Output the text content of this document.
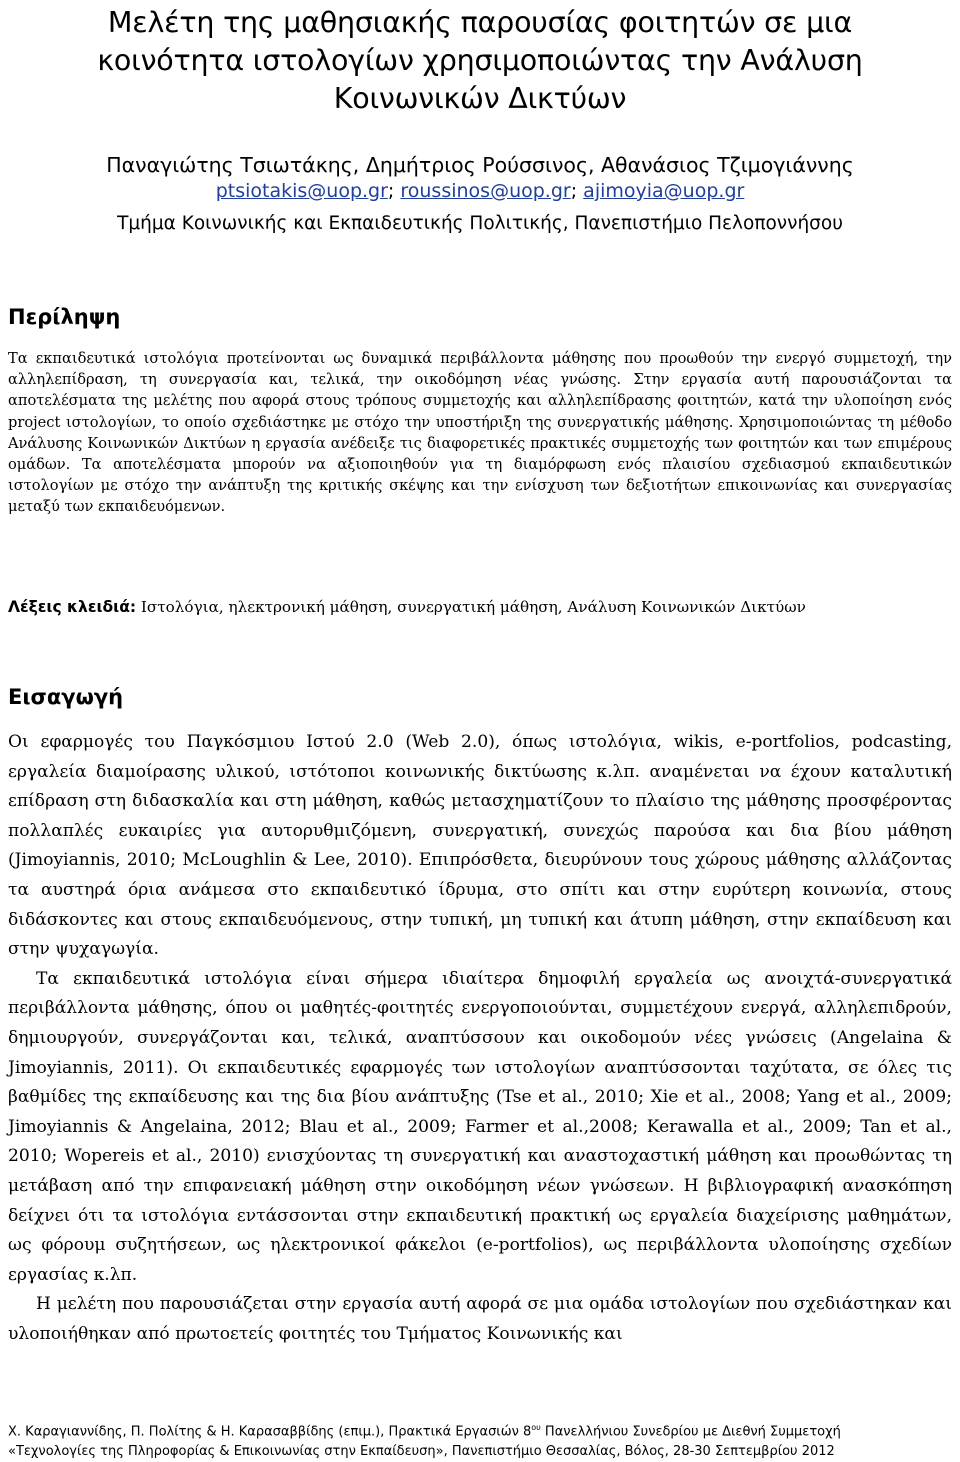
Μελέτη της μαθησιακής παρουσίας φοιτητών σε μια
κοινότητα ιστολογίων χρησιμοποιώντας την Ανάλυση
Κοινωνικών Δικτύων
Παναγιώτης Τσιωτάκης, Δημήτριος Ρούσσινος, Αθανάσιος Τζιμογιάννης
ptsiotakis@uop.gr; roussinos@uop.gr; ajimoyia@uop.gr
Τμήμα Κοινωνικής και Εκπαιδευτικής Πολιτικής, Πανεπιστήμιο Πελοποννήσου
Περίληψη
Τα εκπαιδευτικά ιστολόγια προτείνονται ως δυναμικά περιβάλλοντα μάθησης που προωθούν την ενεργό συμμετοχή, την αλληλεπίδραση, τη συνεργασία και, τελικά, την οικοδόμηση νέας γνώσης. Στην εργασία αυτή παρουσιάζονται τα αποτελέσματα της μελέτης που αφορά στους τρόπους συμμετοχής και αλληλεπίδρασης φοιτητών, κατά την υλοποίηση ενός project ιστολογίων, το οποίο σχεδιάστηκε με στόχο την υποστήριξη της συνεργατικής μάθησης. Χρησιμοποιώντας τη μέθοδο Ανάλυσης Κοινωνικών Δικτύων η εργασία ανέδειξε τις διαφορετικές πρακτικές συμμετοχής των φοιτητών και των επιμέρους ομάδων. Τα αποτελέσματα μπορούν να αξιοποιηθούν για τη διαμόρφωση ενός πλαισίου σχεδιασμού εκπαιδευτικών ιστολογίων με στόχο την ανάπτυξη της κριτικής σκέψης και την ενίσχυση των δεξιοτήτων επικοινωνίας και συνεργασίας μεταξύ των εκπαιδευόμενων.
Λέξεις κλειδιά: Ιστολόγια, ηλεκτρονική μάθηση, συνεργατική μάθηση, Ανάλυση Κοινωνικών Δικτύων
Εισαγωγή

Οι εφαρμογές του Παγκόσμιου Ιστού 2.0 (Web 2.0), όπως ιστολόγια, wikis, e-portfolios, podcasting, εργαλεία διαμοίρασης υλικού, ιστότοποι κοινωνικής δικτύωσης κ.λπ. αναμένεται να έχουν καταλυτική επίδραση στη διδασκαλία και στη μάθηση, καθώς μετασχηματίζουν το πλαίσιο της μάθησης προσφέροντας πολλαπλές ευκαιρίες για αυτορυθμιζόμενη, συνεργατική, συνεχώς παρούσα και δια βίου μάθηση (Jimoyiannis, 2010; McLoughlin & Lee, 2010). Επιπρόσθετα, διευρύνουν τους χώρους μάθησης αλλάζοντας τα αυστηρά όρια ανάμεσα στο εκπαιδευτικό ίδρυμα, στο σπίτι και στην ευρύτερη κοινωνία, στους διδάσκοντες και στους εκπαιδευόμενους, στην τυπική, μη τυπική και άτυπη μάθηση, στην εκπαίδευση και στην ψυχαγωγία.

Τα εκπαιδευτικά ιστολόγια είναι σήμερα ιδιαίτερα δημοφιλή εργαλεία ως ανοιχτά-συνεργατικά περιβάλλοντα μάθησης, όπου οι μαθητές-φοιτητές ενεργοποιούνται, συμμετέχουν ενεργά, αλληλεπιδρούν, δημιουργούν, συνεργάζονται και, τελικά, αναπτύσσουν και οικοδομούν νέες γνώσεις (Angelaina & Jimoyiannis, 2011). Οι εκπαιδευτικές εφαρμογές των ιστολογίων αναπτύσσονται ταχύτατα, σε όλες τις βαθμίδες της εκπαίδευσης και της δια βίου ανάπτυξης (Tse et al., 2010; Xie et al., 2008; Yang et al., 2009; Jimoyiannis & Angelaina, 2012; Blau et al., 2009; Farmer et al.,2008; Kerawalla et al., 2009; Tan et al., 2010; Wopereis et al., 2010) ενισχύοντας τη συνεργατική και αναστοχαστική μάθηση και προωθώντας τη μετάβαση από την επιφανειακή μάθηση στην οικοδόμηση νέων γνώσεων. Η βιβλιογραφική ανασκόπηση δείχνει ότι τα ιστολόγια εντάσσονται στην εκπαιδευτική πρακτική ως εργαλεία διαχείρισης μαθημάτων, ως φόρουμ συζητήσεων, ως ηλεκτρονικοί φάκελοι (e-portfolios), ως περιβάλλοντα υλοποίησης σχεδίων εργασίας κ.λπ.

Η μελέτη που παρουσιάζεται στην εργασία αυτή αφορά σε μια ομάδα ιστολογίων που σχεδιάστηκαν και υλοποιήθηκαν από πρωτοετείς φοιτητές του Τμήματος Κοινωνικής και

Χ. Καραγιαννίδης, Π. Πολίτης & Η. Καρασαββίδης (επιμ.), Πρακτικά Εργασιών $8^{o\upsilon}$ Πανελλήνιου Συνεδρίου με Διεθνή Συμμετοχή
«Τεχνολογίες της Πληροφορίας & Επικοινωνίας στην Εκπαίδευση», Πανεπιστήμιο Θεσσαλίας, Βόλος, 28-30 Σεπτεμβρίου 2012
